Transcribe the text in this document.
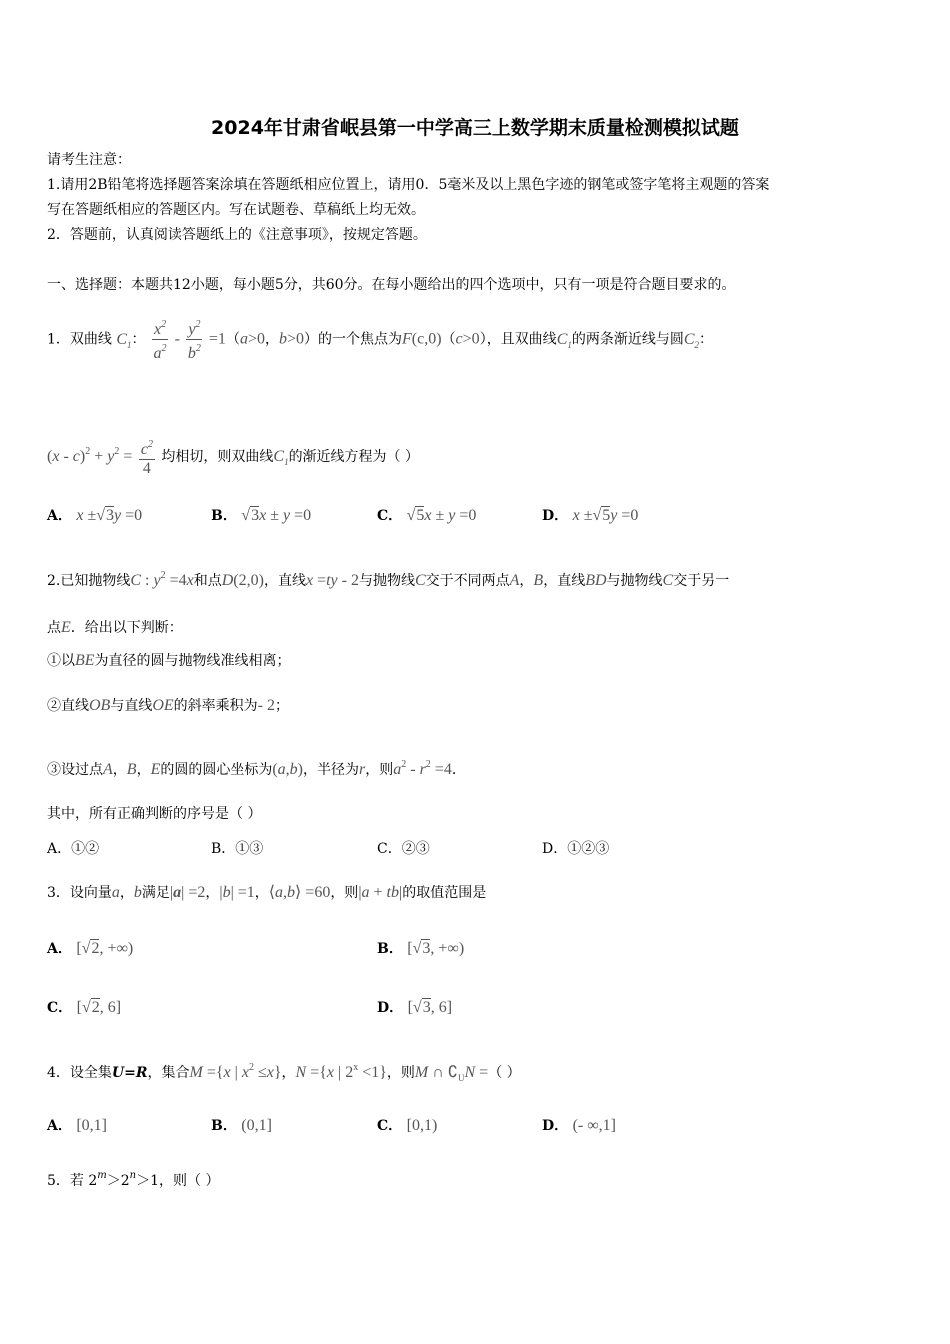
2024年甘肃省岷县第一中学高三上数学期末质量检测模拟试题
请考生注意：
1.请用2B铅笔将选择题答案涂填在答题纸相应位置上，请用0．5毫米及以上黑色字迹的钢笔或签字笔将主观题的答案
写在答题纸相应的答题区内。写在试题卷、草稿纸上均无效。
2．答题前，认真阅读答题纸上的《注意事项》，按规定答题。
一、选择题：本题共12小题，每小题5分，共60分。在每小题给出的四个选项中，只有一项是符合题目要求的。
1．双曲线 $C_1$： $\frac{x^2}{a^2} - \frac{y^2}{b^2} =1(a>0$，b>0）的一个焦点为F(c,0)（c>0），且双曲线$C_1$的两条渐近线与圆$C_2$：
$(x - c)^2 + y^2 = \frac{c^2}{4}$ 均相切，则双曲线$C_1$的渐近线方程为（ ）
A． x ±√3y =0	B． √3x ± y =0	C． √5x ± y =0	D． x ±√5y =0
2.已知抛物线C : $y^2 =4x$和点D(2,0)，直线x =ty - 2与抛物线C交于不同两点A，B，直线BD与抛物线C交于另一
点E．给出以下判断：
①以BE为直径的圆与抛物线准线相离；
②直线OB与直线OE的斜率乘积为- 2；
③设过点A，B，E的圆的圆心坐标为(a,b)，半径为r，则$a^2 - r^2 =4$．
其中，所有正确判断的序号是（ ）
A．①②	B．①③	C．②③	D．①②③
3．设向量a，b满足|a| =2，|b| =1，⟨a,b⟩ =60，则|a + tb|的取值范围是
A． [√2, +∞)	B． [√3, +∞)
C． [√2, 6]	D． [√3, 6]
4．设全集U=R，集合M ={x | $x^2 \le x$}，N ={x | $2^x <1$}，则M ∩ $∁_UN$ =（ ）
A． [0,1]	B． (0,1]	C． [0,1)	D． (- ∞,1]
5．若 $2^m>2^n>1$，则（ ）
